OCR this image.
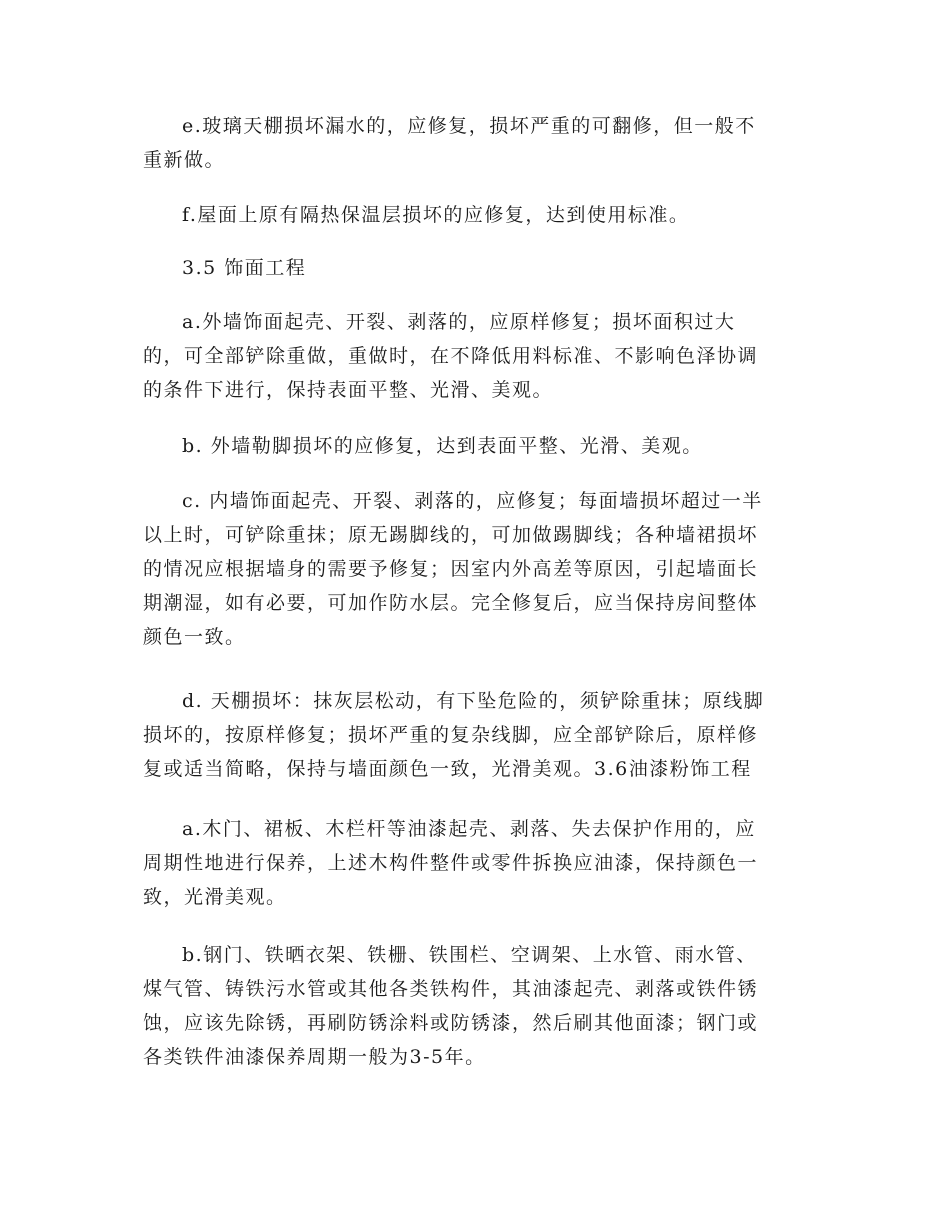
e.玻璃天棚损坏漏水的，应修复，损坏严重的可翻修，但一般不
重新做。

f.屋面上原有隔热保温层损坏的应修复，达到使用标准。

3.5 饰面工程

a.外墙饰面起壳、开裂、剥落的，应原样修复；损坏面积过大
的，可全部铲除重做，重做时，在不降低用料标准、不影响色泽协调
的条件下进行，保持表面平整、光滑、美观。

b. 外墙勒脚损坏的应修复，达到表面平整、光滑、美观。

c. 内墙饰面起壳、开裂、剥落的，应修复；每面墙损坏超过一半
以上时，可铲除重抹；原无踢脚线的，可加做踢脚线；各种墙裙损坏
的情况应根据墙身的需要予修复；因室内外高差等原因，引起墙面长
期潮湿，如有必要，可加作防水层。完全修复后，应当保持房间整体
颜色一致。

d. 天棚损坏：抹灰层松动，有下坠危险的，须铲除重抹；原线脚
损坏的，按原样修复；损坏严重的复杂线脚，应全部铲除后，原样修
复或适当简略，保持与墙面颜色一致，光滑美观。3.6油漆粉饰工程

a.木门、裙板、木栏杆等油漆起壳、剥落、失去保护作用的，应
周期性地进行保养，上述木构件整件或零件拆换应油漆，保持颜色一
致，光滑美观。

b.钢门、铁晒衣架、铁栅、铁围栏、空调架、上水管、雨水管、
煤气管、铸铁污水管或其他各类铁构件，其油漆起壳、剥落或铁件锈
蚀，应该先除锈，再刷防锈涂料或防锈漆，然后刷其他面漆；钢门或
各类铁件油漆保养周期一般为3-5年。
